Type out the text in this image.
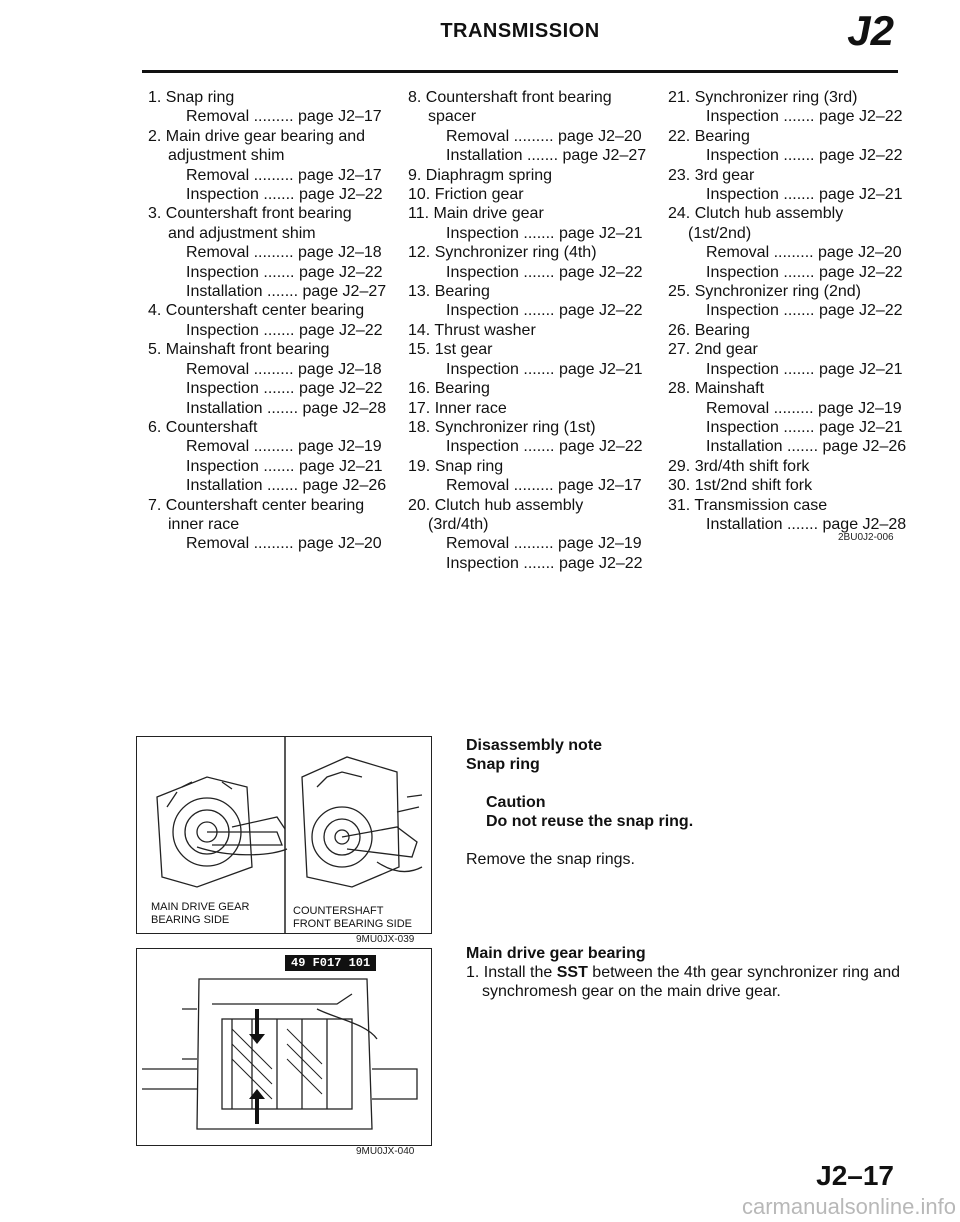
TRANSMISSION	J2
1. Snap ring
Removal ......... page J2–17
2. Main drive gear bearing and
adjustment shim
Removal ......... page J2–17
Inspection ....... page J2–22
3. Countershaft front bearing
and adjustment shim
Removal ......... page J2–18
Inspection ....... page J2–22
Installation ....... page J2–27
4. Countershaft center bearing
Inspection ....... page J2–22
5. Mainshaft front bearing
Removal ......... page J2–18
Inspection ....... page J2–22
Installation ....... page J2–28
6. Countershaft
Removal ......... page J2–19
Inspection ....... page J2–21
Installation ....... page J2–26
7. Countershaft center bearing
inner race
Removal ......... page J2–20
8. Countershaft front bearing
spacer
Removal ......... page J2–20
Installation ....... page J2–27
9. Diaphragm spring
10. Friction gear
11. Main drive gear
Inspection ....... page J2–21
12. Synchronizer ring (4th)
Inspection ....... page J2–22
13. Bearing
Inspection ....... page J2–22
14. Thrust washer
15. 1st gear
Inspection ....... page J2–21
16. Bearing
17. Inner race
18. Synchronizer ring (1st)
Inspection ....... page J2–22
19. Snap ring
Removal ......... page J2–17
20. Clutch hub assembly
(3rd/4th)
Removal ......... page J2–19
Inspection ....... page J2–22
21. Synchronizer ring (3rd)
Inspection ....... page J2–22
22. Bearing
Inspection ....... page J2–22
23. 3rd gear
Inspection ....... page J2–21
24. Clutch hub assembly
(1st/2nd)
Removal ......... page J2–20
Inspection ....... page J2–22
25. Synchronizer ring (2nd)
Inspection ....... page J2–22
26. Bearing
27. 2nd gear
Inspection ....... page J2–21
28. Mainshaft
Removal ......... page J2–19
Inspection ....... page J2–21
Installation ....... page J2–26
29. 3rd/4th shift fork
30. 1st/2nd shift fork
31. Transmission case
Installation ....... page J2–28
2BU0J2-006
MAIN DRIVE GEAR
BEARING SIDE
COUNTERSHAFT
FRONT BEARING SIDE
9MU0JX-039
49 F017 101
9MU0JX-040
Disassembly note
Snap ring
Caution
Do not reuse the snap ring.
Remove the snap rings.
Main drive gear bearing
1. Install the SST between the 4th gear synchronizer ring and
synchromesh gear on the main drive gear.
J2–17
carmanualsonline.info
